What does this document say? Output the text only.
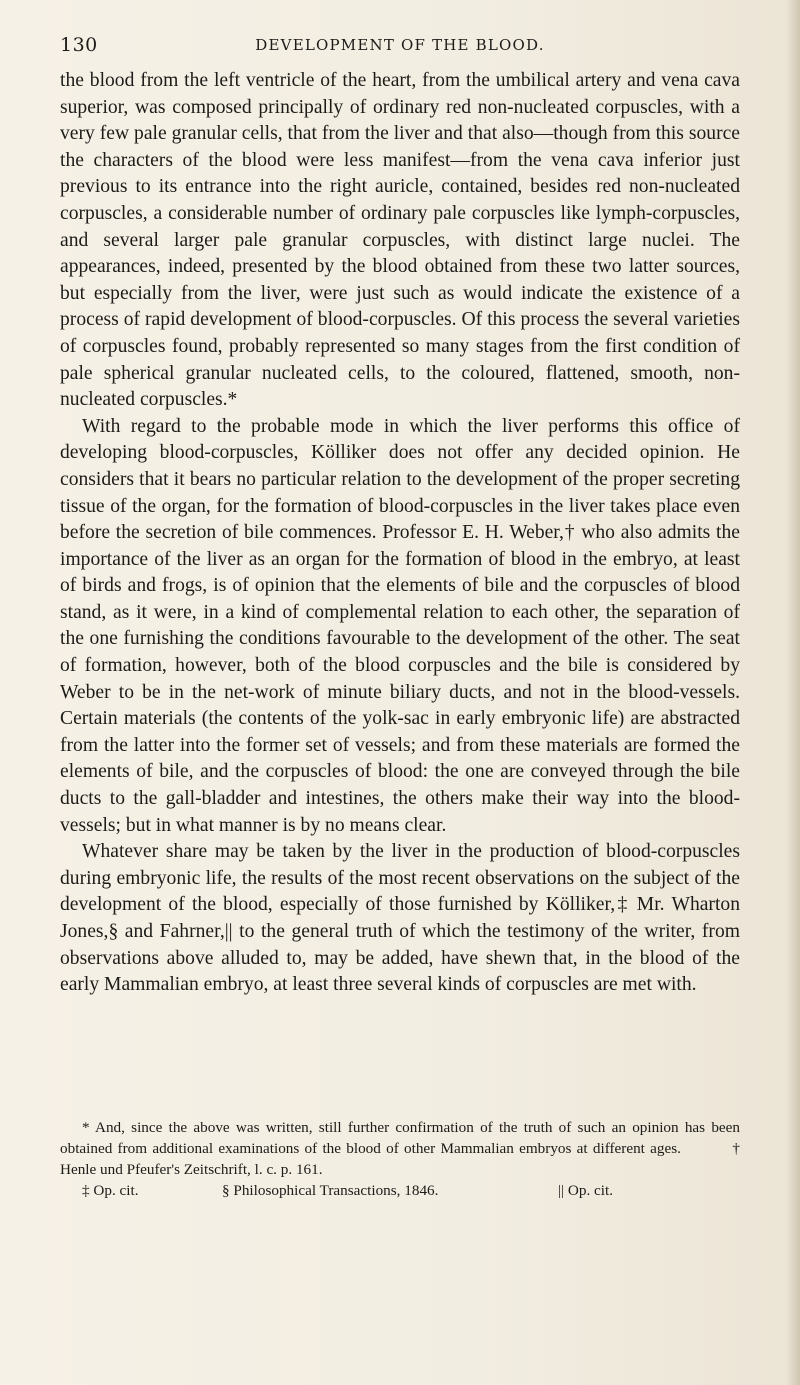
130	DEVELOPMENT OF THE BLOOD.

the blood from the left ventricle of the heart, from the umbilical artery and vena cava superior, was composed principally of ordinary red non-nucleated corpuscles, with a very few pale granular cells, that from the liver and that also—though from this source the characters of the blood were less manifest—from the vena cava inferior just previous to its entrance into the right auricle, contained, besides red non-nucleated corpuscles, a considerable number of ordinary pale corpuscles like lymph-corpuscles, and several larger pale granular corpuscles, with distinct large nuclei. The appearances, indeed, presented by the blood obtained from these two latter sources, but especially from the liver, were just such as would indicate the existence of a process of rapid development of blood-corpuscles. Of this process the several varieties of corpuscles found, probably represented so many stages from the first condition of pale spherical granular nucleated cells, to the coloured, flattened, smooth, non-nucleated corpuscles.*

With regard to the probable mode in which the liver performs this office of developing blood-corpuscles, Kölliker does not offer any decided opinion. He considers that it bears no particular relation to the development of the proper secreting tissue of the organ, for the formation of blood-corpuscles in the liver takes place even before the secretion of bile commences. Professor E. H. Weber,† who also admits the importance of the liver as an organ for the formation of blood in the embryo, at least of birds and frogs, is of opinion that the elements of bile and the corpuscles of blood stand, as it were, in a kind of complemental relation to each other, the separation of the one furnishing the conditions favourable to the development of the other. The seat of formation, however, both of the blood corpuscles and the bile is considered by Weber to be in the net-work of minute biliary ducts, and not in the blood-vessels. Certain materials (the contents of the yolk-sac in early embryonic life) are abstracted from the latter into the former set of vessels; and from these materials are formed the elements of bile, and the corpuscles of blood: the one are conveyed through the bile ducts to the gall-bladder and intestines, the others make their way into the blood-vessels; but in what manner is by no means clear.

Whatever share may be taken by the liver in the production of blood-corpuscles during embryonic life, the results of the most recent observations on the subject of the development of the blood, especially of those furnished by Kölliker,‡ Mr. Wharton Jones,§ and Fahrner,|| to the general truth of which the testimony of the writer, from observations above alluded to, may be added, have shewn that, in the blood of the early Mammalian embryo, at least three several kinds of corpuscles are met with.

* And, since the above was written, still further confirmation of the truth of such an opinion has been obtained from additional examinations of the blood of other Mammalian embryos at different ages.	† Henle und Pfeufer's Zeitschrift, l. c. p. 161.

‡ Op. cit.	§ Philosophical Transactions, 1846.	|| Op. cit.
